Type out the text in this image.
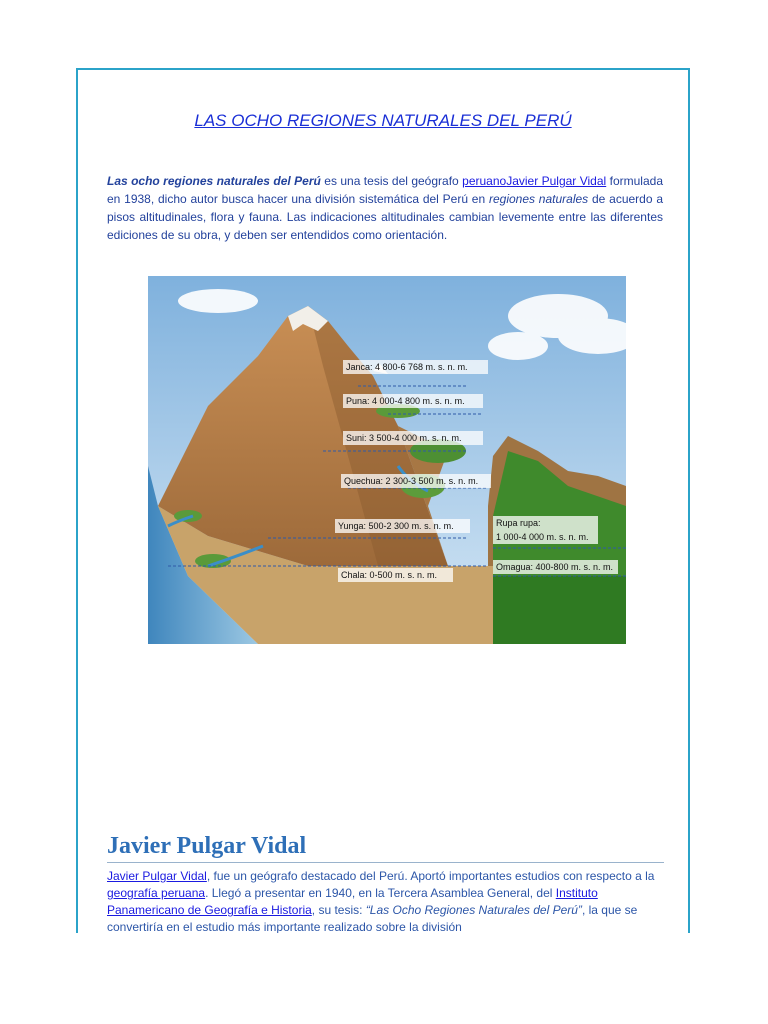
LAS OCHO REGIONES NATURALES DEL PERÚ
Las ocho regiones naturales del Perú es una tesis del geógrafo peruanoJavier Pulgar Vidal formulada en 1938, dicho autor busca hacer una división sistemática del Perú en regiones naturales de acuerdo a pisos altitudinales, flora y fauna. Las indicaciones altitudinales cambian levemente entre las diferentes ediciones de su obra, y deben ser entendidos como orientación.
Janca: 4 800-6 768 m. s. n. m.
Puna: 4 000-4 800 m. s. n. m.
Suni: 3 500-4 000 m. s. n. m.
Quechua: 2 300-3 500 m. s. n. m.
Yunga: 500-2 300 m. s. n. m.
Chala: 0-500 m. s. n. m.
Rupa rupa:
1 000-4 000 m. s. n. m.
Omagua: 400-800 m. s. n. m.
Javier Pulgar Vidal
Javier Pulgar Vidal, fue un geógrafo destacado del Perú. Aportó importantes estudios con respecto a la geografía peruana. Llegó a presentar en 1940, en la Tercera Asamblea General, del Instituto Panamericano de Geografía e Historia, su tesis: “Las Ocho Regiones Naturales del Perú”, la que se convertiría en el estudio más importante realizado sobre la división
